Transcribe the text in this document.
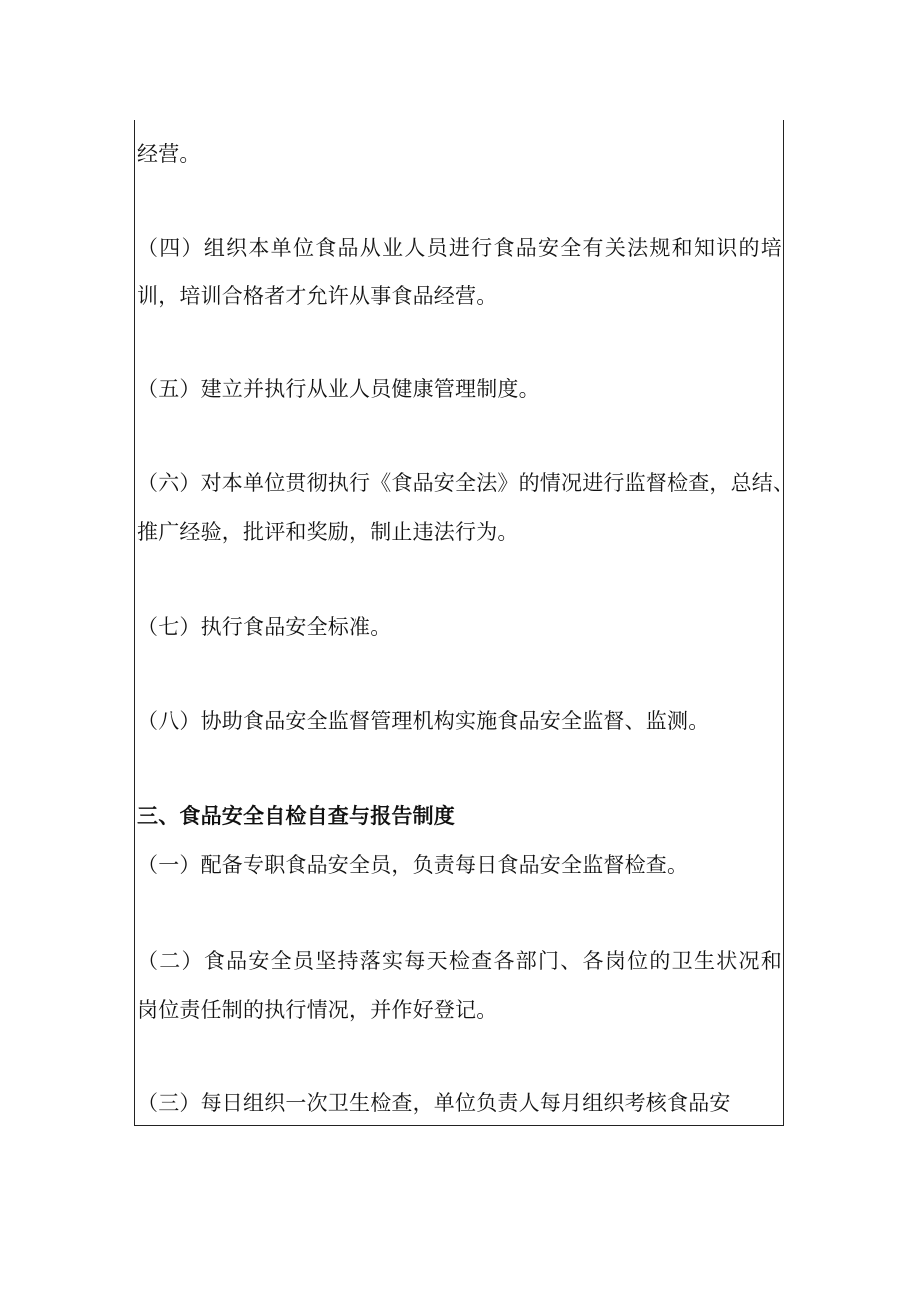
经营。
（四）组织本单位食品从业人员进行食品安全有关法规和知识的培
训，培训合格者才允许从事食品经营。
（五）建立并执行从业人员健康管理制度。
（六）对本单位贯彻执行《食品安全法》的情况进行监督检查，总结、
推广经验，批评和奖励，制止违法行为。
（七）执行食品安全标准。
（八）协助食品安全监督管理机构实施食品安全监督、监测。
三、食品安全自检自查与报告制度
（一）配备专职食品安全员，负责每日食品安全监督检查。
（二）食品安全员坚持落实每天检查各部门、各岗位的卫生状况和
岗位责任制的执行情况，并作好登记。
（三）每日组织一次卫生检查，单位负责人每月组织考核食品安
